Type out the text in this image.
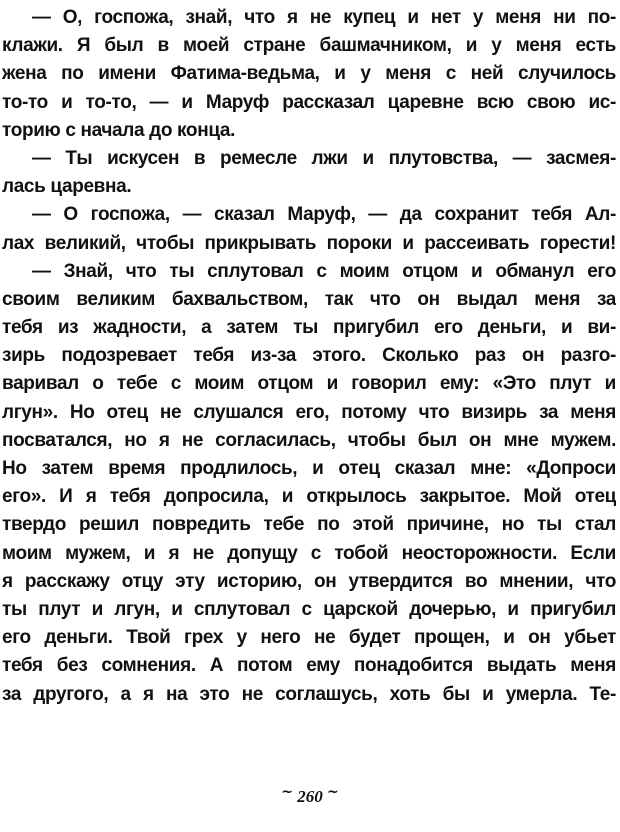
— О, госпожа, знай, что я не купец и нет у меня ни по-
клажи. Я был в моей стране башмачником, и у меня есть
жена по имени Фатима-ведьма, и у меня с ней случилось
то-то и то-то, — и Маруф рассказал царевне всю свою ис-
торию с начала до конца.
— Ты искусен в ремесле лжи и плутовства, — засмея-
лась царевна.
— О госпожа, — сказал Маруф, — да сохранит тебя Ал-
лах великий, чтобы прикрывать пороки и рассеивать горести!
— Знай, что ты сплутовал с моим отцом и обманул его
своим великим бахвальством, так что он выдал меня за
тебя из жадности, а затем ты пригубил его деньги, и ви-
зирь подозревает тебя из-за этого. Сколько раз он разго-
варивал о тебе с моим отцом и говорил ему: «Это плут и
лгун». Но отец не слушался его, потому что визирь за меня
посватался, но я не согласилась, чтобы был он мне мужем.
Но затем время продлилось, и отец сказал мне: «Допроси
его». И я тебя допросила, и открылось закрытое. Мой отец
твердо решил повредить тебе по этой причине, но ты стал
моим мужем, и я не допущу с тобой неосторожности. Если
я расскажу отцу эту историю, он утвердится во мнении, что
ты плут и лгун, и сплутовал с царской дочерью, и пригубил
его деньги. Твой грех у него не будет прощен, и он убьет
тебя без сомнения. А потом ему понадобится выдать меня
за другого, а я на это не соглашусь, хоть бы и умерла. Те-
~ 260 ~
